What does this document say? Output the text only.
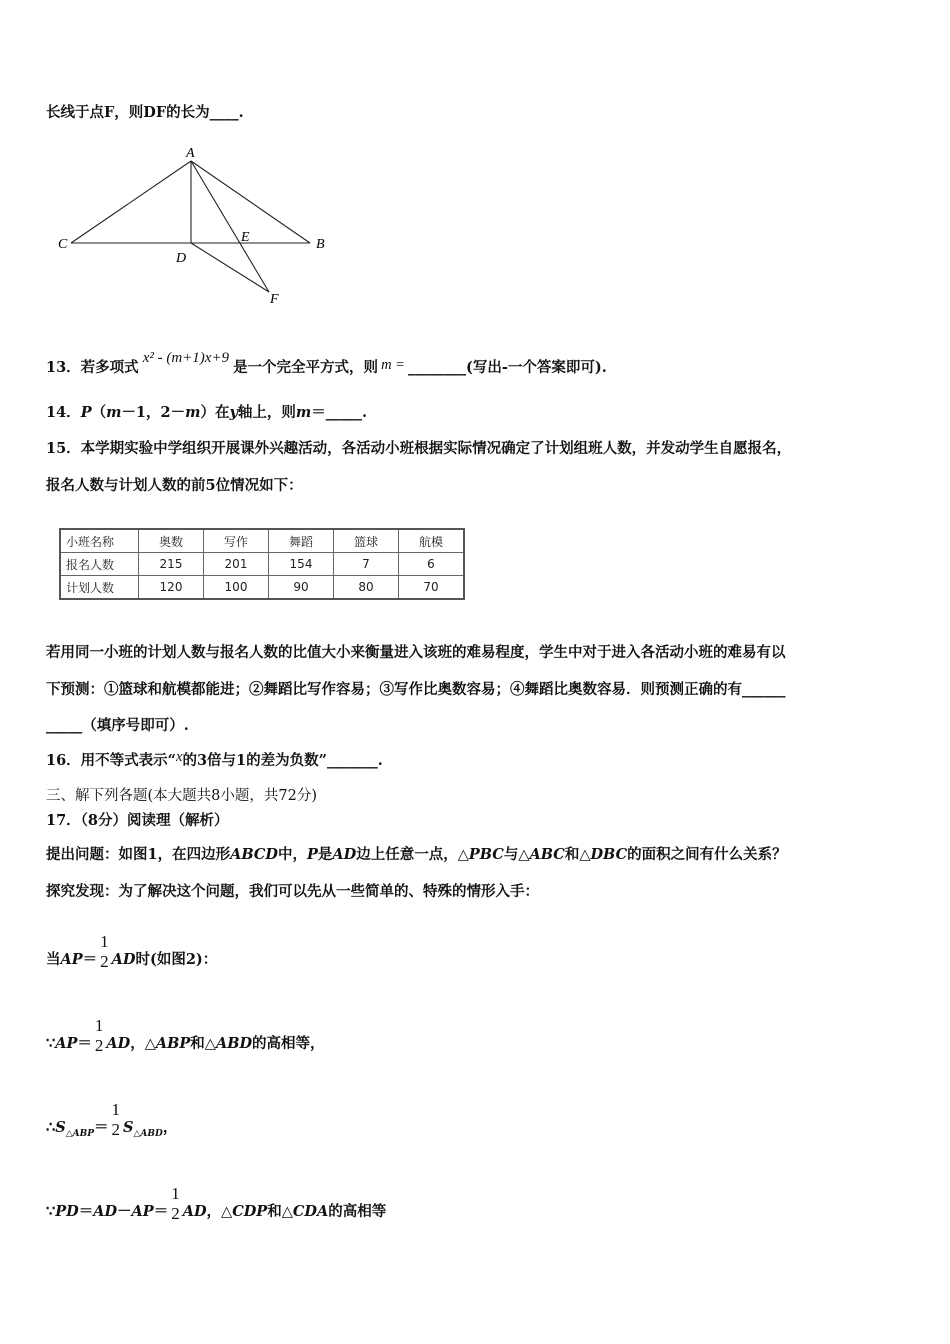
长线于点F，则DF的长为____.
A
C	B
D
E
F
13．若多项式x² - (m+1)x+9是一个完全平方式，则 m = ________(写出-一个答案即可).
14．P（m－1，2－m）在y轴上，则m＝_____.
15．本学期实验中学组织开展课外兴趣活动，各活动小班根据实际情况确定了计划组班人数，并发动学生自愿报名，
报名人数与计划人数的前5位情况如下：
小班名称	奥数	写作	舞蹈	篮球	航模
报名人数	215	201	154	7	6
计划人数	120	100	90	80	70
若用同一小班的计划人数与报名人数的比值大小来衡量进入该班的难易程度，学生中对于进入各活动小班的难易有以
下预测：①篮球和航模都能进；②舞蹈比写作容易；③写作比奥数容易；④舞蹈比奥数容易．则预测正确的有______
_____（填序号即可）.
16．用不等式表示“x的3倍与1的差为负数”_______.
三、解下列各题(本大题共8小题，共72分)
17．（8分）阅读理（解析）
提出问题：如图1，在四边形ABCD中，P是AD边上任意一点，△PBC与△ABC和△DBC的面积之间有什么关系？
探究发现：为了解决这个问题，我们可以先从一些简单的、特殊的情形入手：
当AP＝
1
2 AD时(如图2)：
∵AP＝
1
2 AD，△ABP和△ABD的高相等，
$\therefore S_{\triangle ABP}=$
1
2 $S_{\triangle ABD}$，
∵PD＝AD－AP＝
1
2 AD，△CDP和△CDA的高相等
